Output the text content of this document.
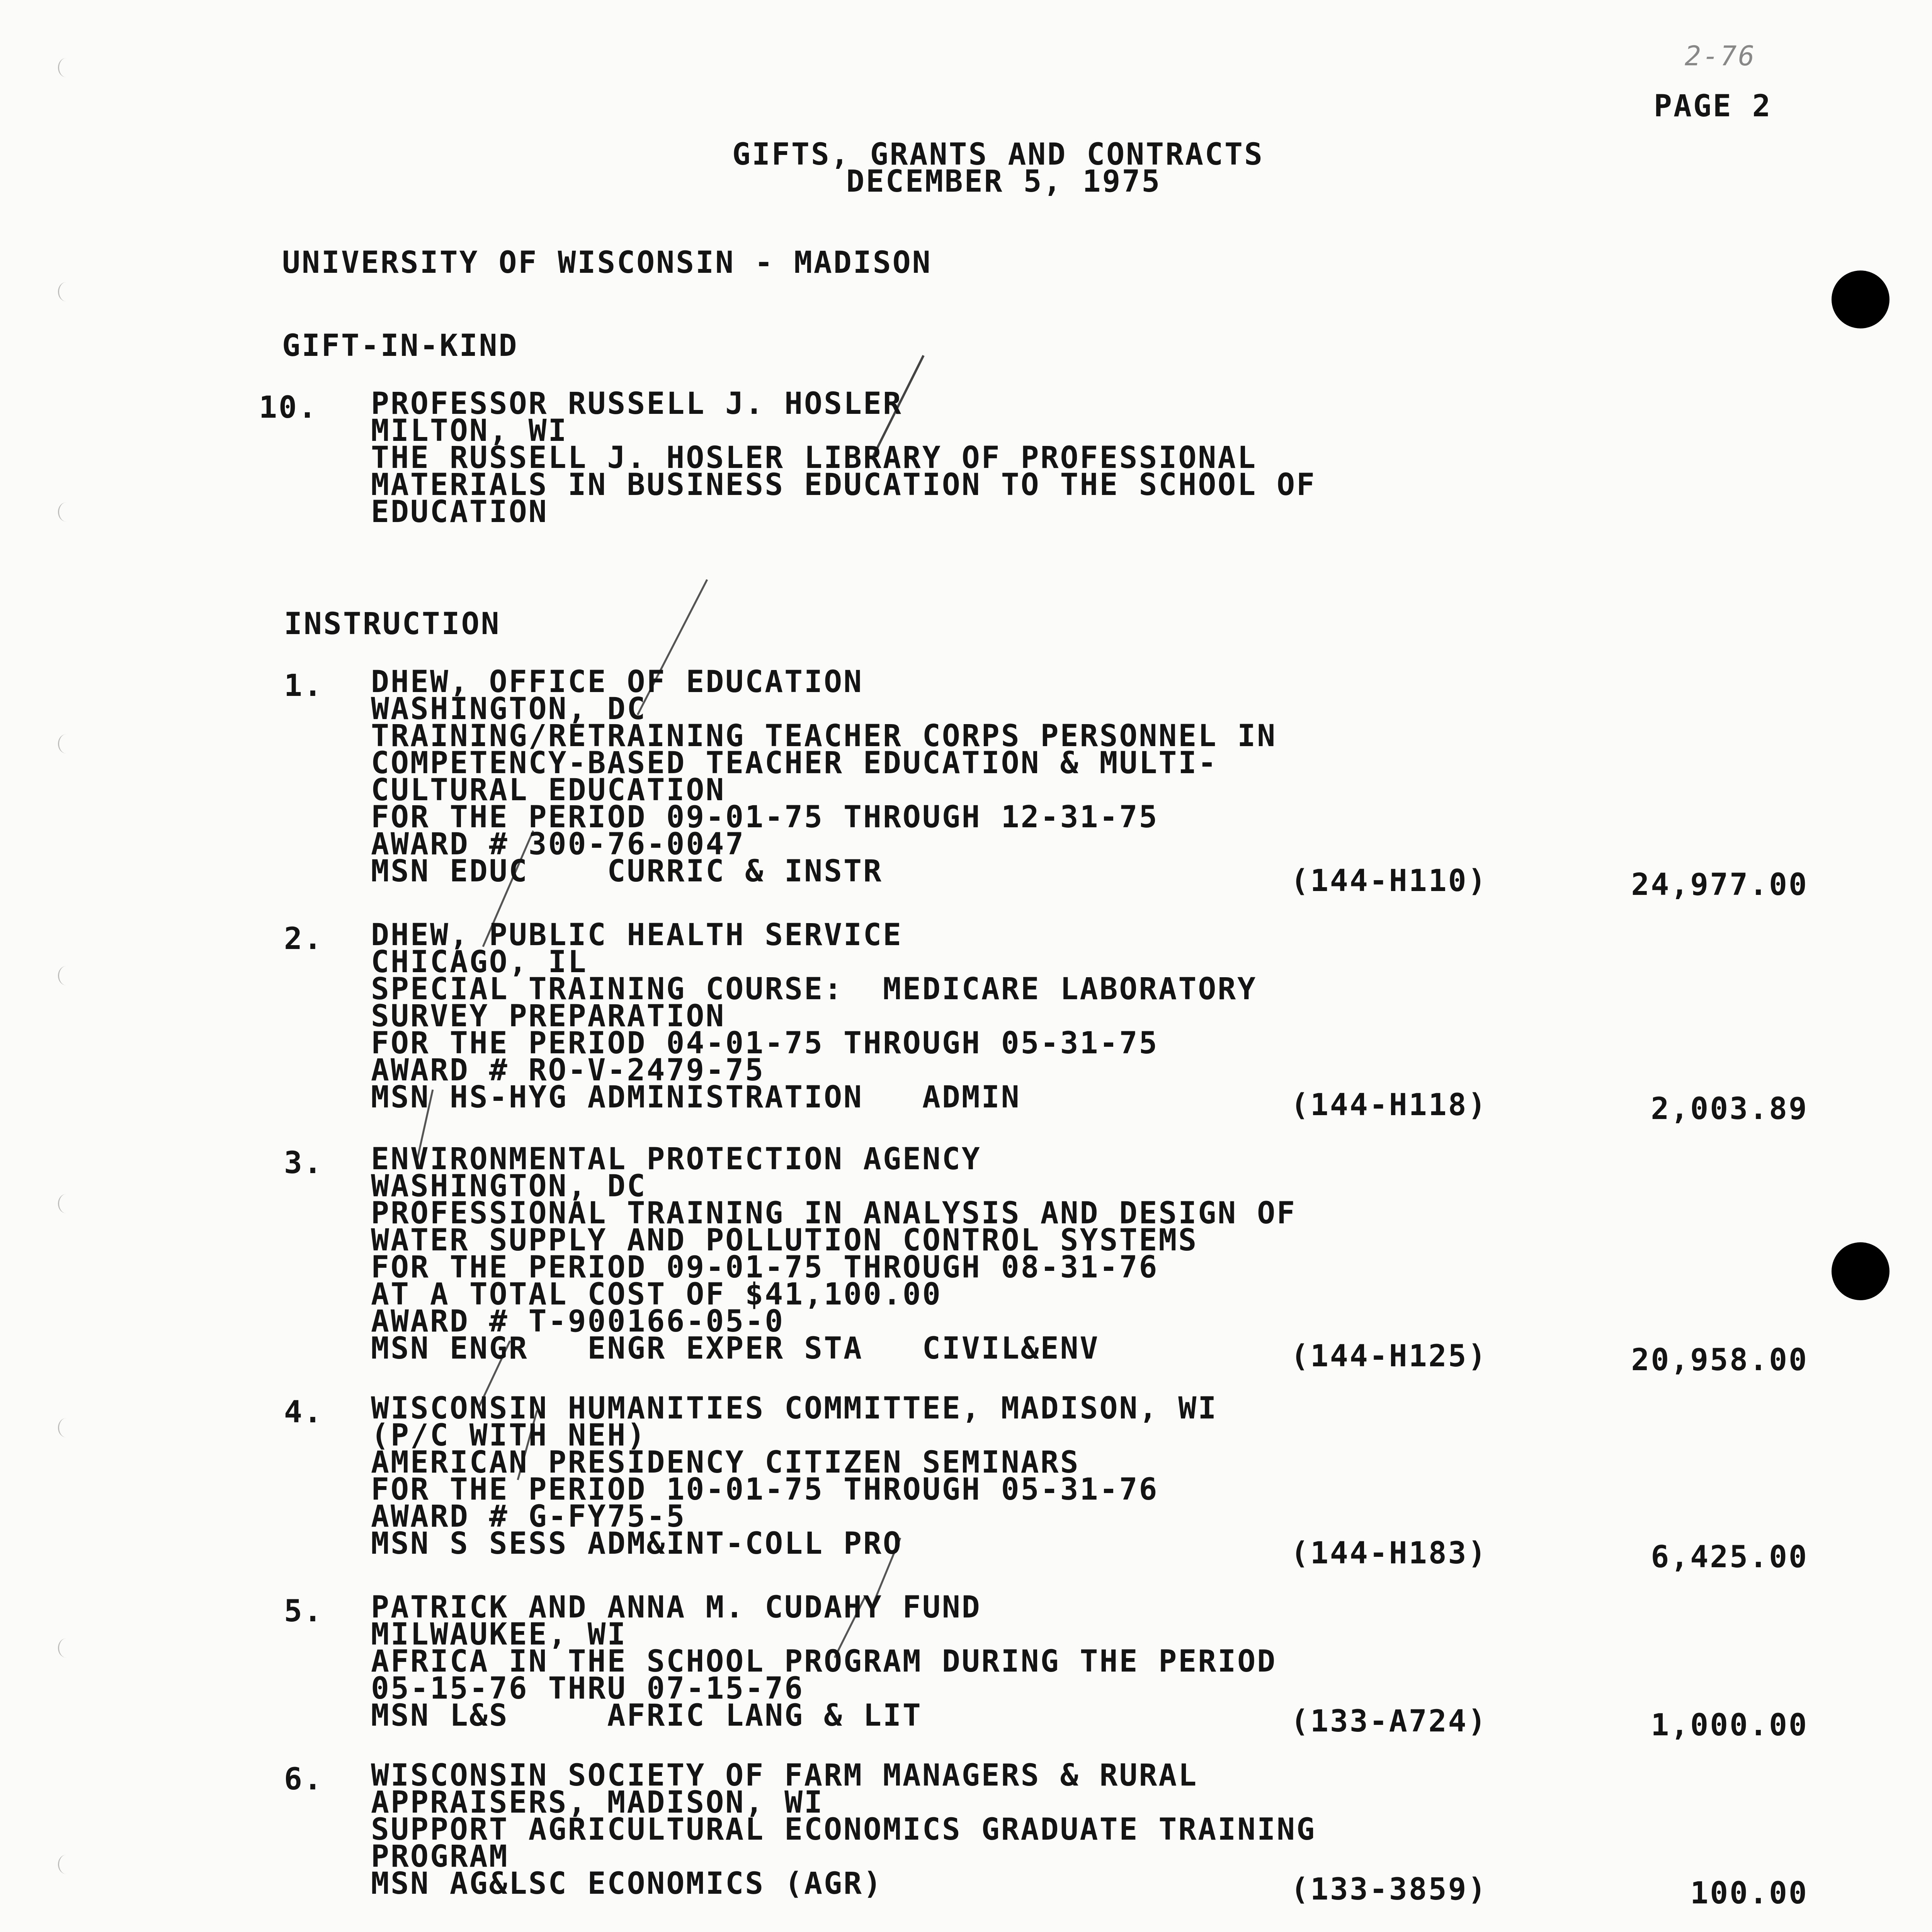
2-76
PAGE 2
GIFTS, GRANTS AND CONTRACTS
DECEMBER 5, 1975
UNIVERSITY OF WISCONSIN - MADISON
GIFT-IN-KIND
10. PROFESSOR RUSSELL J. HOSLER
MILTON, WI
THE RUSSELL J. HOSLER LIBRARY OF PROFESSIONAL
MATERIALS IN BUSINESS EDUCATION TO THE SCHOOL OF
EDUCATION
INSTRUCTION
1. DHEW, OFFICE OF EDUCATION
WASHINGTON, DC
TRAINING/RETRAINING TEACHER CORPS PERSONNEL IN
COMPETENCY-BASED TEACHER EDUCATION & MULTI-
CULTURAL EDUCATION
FOR THE PERIOD 09-01-75 THROUGH 12-31-75
AWARD # 300-76-0047
MSN EDUC    CURRIC & INSTR	(144-H110)	24,977.00
2. DHEW, PUBLIC HEALTH SERVICE
CHICAGO, IL
SPECIAL TRAINING COURSE:  MEDICARE LABORATORY
SURVEY PREPARATION
FOR THE PERIOD 04-01-75 THROUGH 05-31-75
AWARD # RO-V-2479-75
MSN HS-HYG ADMINISTRATION   ADMIN	(144-H118)	2,003.89
3. ENVIRONMENTAL PROTECTION AGENCY
WASHINGTON, DC
PROFESSIONAL TRAINING IN ANALYSIS AND DESIGN OF
WATER SUPPLY AND POLLUTION CONTROL SYSTEMS
FOR THE PERIOD 09-01-75 THROUGH 08-31-76
AT A TOTAL COST OF $41,100.00
AWARD # T-900166-05-0
MSN ENGR   ENGR EXPER STA   CIVIL&ENV	(144-H125)	20,958.00
4. WISCONSIN HUMANITIES COMMITTEE, MADISON, WI
(P/C WITH NEH)
AMERICAN PRESIDENCY CITIZEN SEMINARS
FOR THE PERIOD 10-01-75 THROUGH 05-31-76
AWARD # G-FY75-5
MSN S SESS ADM&INT-COLL PRO	(144-H183)	6,425.00
5. PATRICK AND ANNA M. CUDAHY FUND
MILWAUKEE, WI
AFRICA IN THE SCHOOL PROGRAM DURING THE PERIOD
05-15-76 THRU 07-15-76
MSN L&S     AFRIC LANG & LIT	(133-A724)	1,000.00
6. WISCONSIN SOCIETY OF FARM MANAGERS & RURAL
APPRAISERS, MADISON, WI
SUPPORT AGRICULTURAL ECONOMICS GRADUATE TRAINING
PROGRAM
MSN AG&LSC ECONOMICS (AGR)	(133-3859)	100.00
